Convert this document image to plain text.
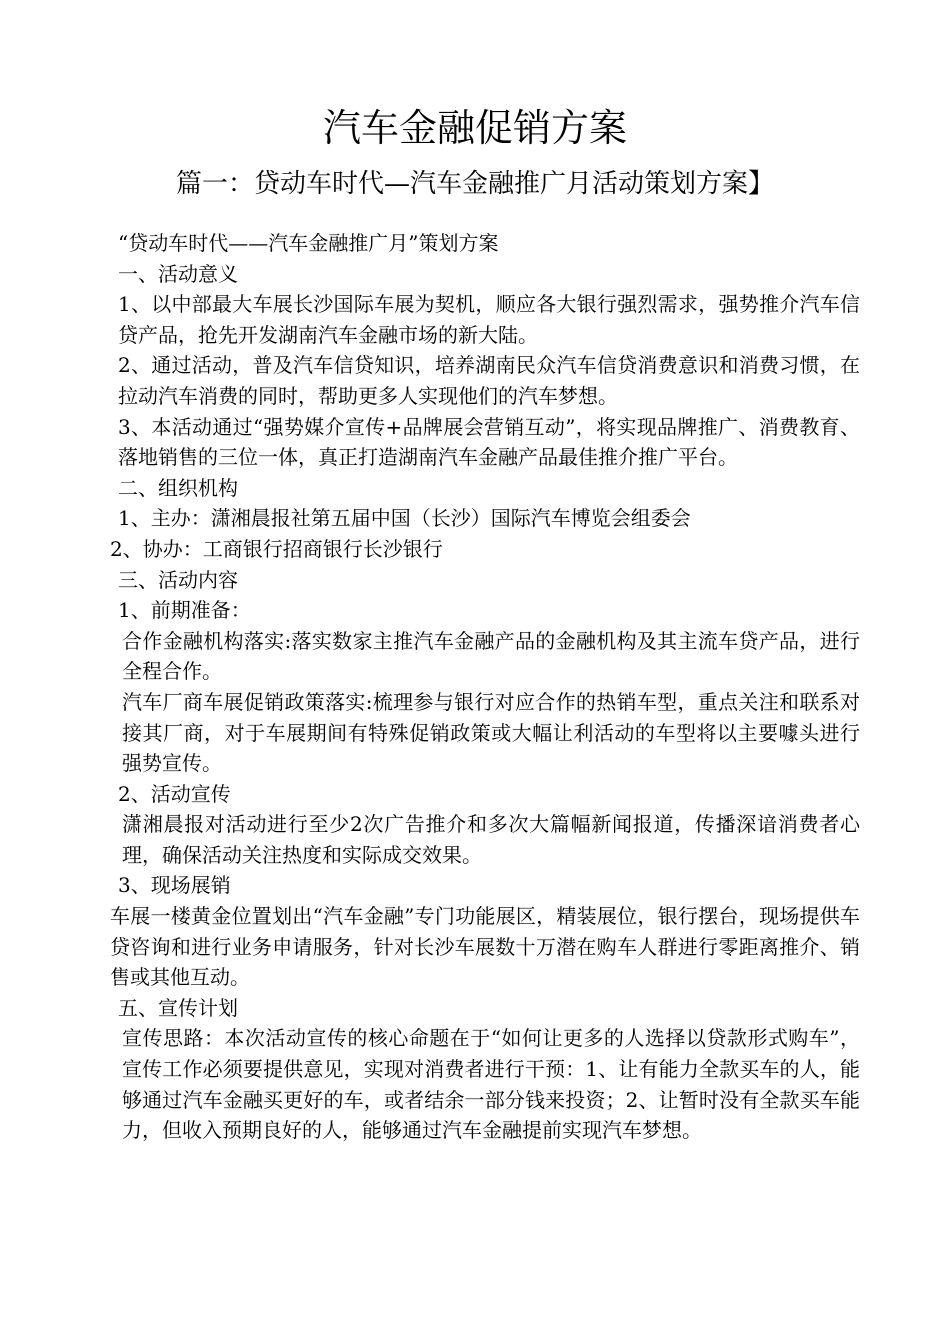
汽车金融促销方案
篇一：贷动车时代—汽车金融推广月活动策划方案】

“贷动车时代——汽车金融推广月”策划方案

一、活动意义

1、以中部最大车展长沙国际车展为契机，顺应各大银行强烈需求，强势推介汽车信贷产品，抢先开发湖南汽车金融市场的新大陆。

2、通过活动，普及汽车信贷知识，培养湖南民众汽车信贷消费意识和消费习惯，在拉动汽车消费的同时，帮助更多人实现他们的汽车梦想。

3、本活动通过“强势媒介宣传+品牌展会营销互动”，将实现品牌推广、消费教育、落地销售的三位一体，真正打造湖南汽车金融产品最佳推介推广平台。

二、组织机构

1、主办：潇湘晨报社第五届中国（长沙）国际汽车博览会组委会

2、协办：工商银行招商银行长沙银行

三、活动内容

1、前期准备：

合作金融机构落实:落实数家主推汽车金融产品的金融机构及其主流车贷产品，进行全程合作。

汽车厂商车展促销政策落实:梳理参与银行对应合作的热销车型，重点关注和联系对接其厂商，对于车展期间有特殊促销政策或大幅让利活动的车型将以主要噱头进行强势宣传。

2、活动宣传

潇湘晨报对活动进行至少2次广告推介和多次大篇幅新闻报道，传播深谙消费者心理，确保活动关注热度和实际成交效果。

3、现场展销

车展一楼黄金位置划出“汽车金融”专门功能展区，精装展位，银行摆台，现场提供车贷咨询和进行业务申请服务，针对长沙车展数十万潜在购车人群进行零距离推介、销售或其他互动。

五、宣传计划

宣传思路：本次活动宣传的核心命题在于“如何让更多的人选择以贷款形式购车”，宣传工作必须要提供意见，实现对消费者进行干预：1、让有能力全款买车的人，能够通过汽车金融买更好的车，或者结余一部分钱来投资；2、让暂时没有全款买车能力，但收入预期良好的人，能够通过汽车金融提前实现汽车梦想。
